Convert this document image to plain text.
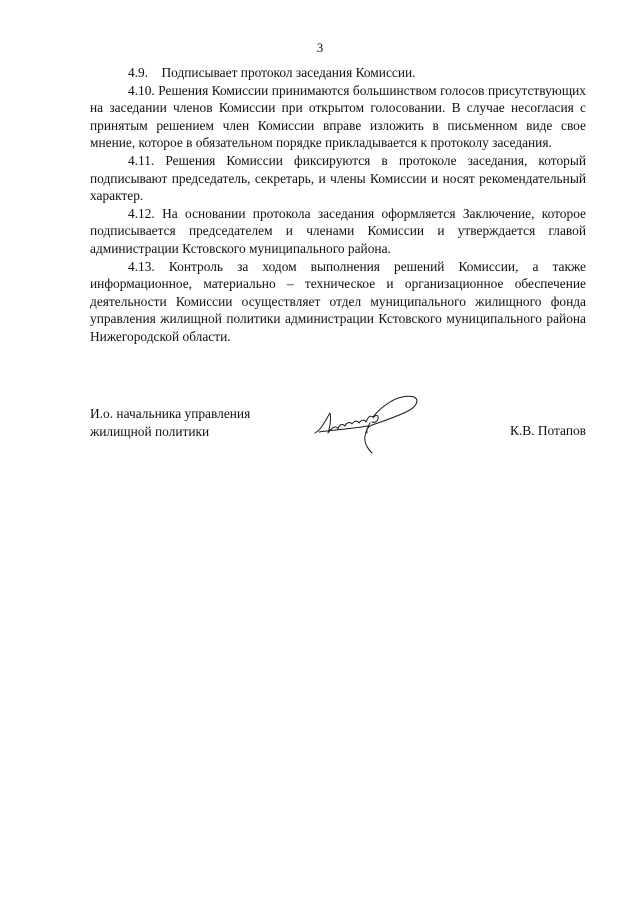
3

4.9.    Подписывает протокол заседания Комиссии.

4.10. Решения Комиссии принимаются большинством голосов присутствующих на заседании членов Комиссии при открытом голосовании. В случае несогласия с принятым решением член Комиссии вправе изложить в письменном виде свое мнение, которое в обязательном порядке прикладывается к протоколу заседания.

4.11. Решения Комиссии фиксируются в протоколе заседания, который подписывают председатель, секретарь, и члены Комиссии и носят рекомендательный характер.

4.12. На основании протокола заседания оформляется Заключение, которое подписывается председателем и членами Комиссии и утверждается главой администрации Кстовского муниципального района.

4.13. Контроль за ходом выполнения решений Комиссии, а также информационное, материально – техническое и организационное обеспечение деятельности Комиссии осуществляет отдел муниципального жилищного фонда управления жилищной политики администрации Кстовского муниципального района Нижегородской области.

И.о. начальника управления
жилищной политики	К.В. Потапов
